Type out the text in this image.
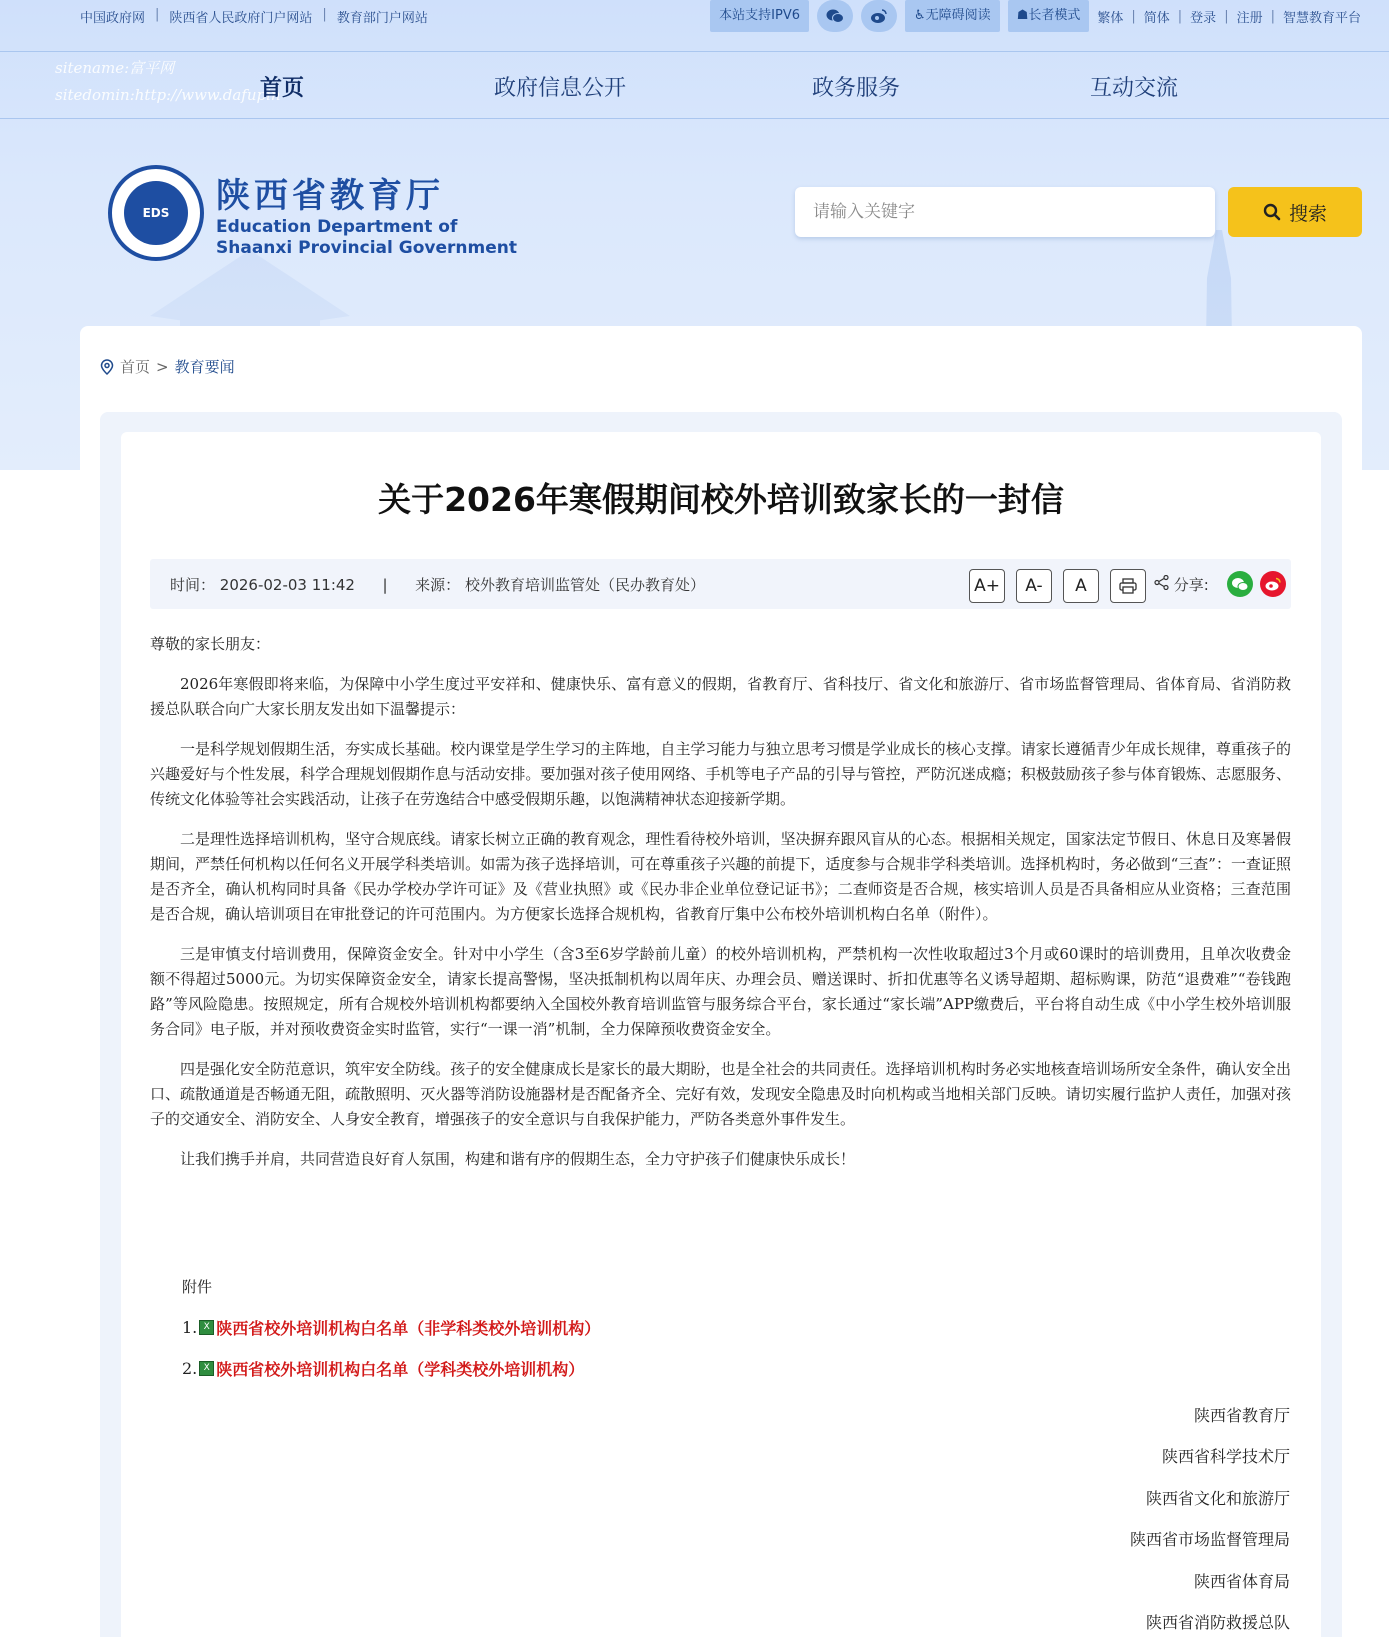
中国政府网 | 陕西省人民政府门户网站 | 教育部门户网站	本站支持IPV6	♿无障碍阅读	☗长者模式	繁体 | 简体 | 登录 | 注册 | 智慧教育平台
sitename:富平网
sitedomin:http://www.dafupin
首页	政府信息公开	政务服务	互动交流
EDS	陕西省教育厅
Education Department of
Shaanxi Provincial Government
请输入关键字
搜索
首页 > 教育要闻
关于2026年寒假期间校外培训致家长的一封信
时间： 2026-02-03 11:42 | 来源： 校外教育培训监管处（民办教育处）	A+	A-	A	分享:

尊敬的家长朋友：

2026年寒假即将来临，为保障中小学生度过平安祥和、健康快乐、富有意义的假期，省教育厅、省科技厅、省文化和旅游厅、省市场监督管理局、省体育局、省消防救援总队联合向广大家长朋友发出如下温馨提示：

一是科学规划假期生活，夯实成长基础。校内课堂是学生学习的主阵地，自主学习能力与独立思考习惯是学业成长的核心支撑。请家长遵循青少年成长规律，尊重孩子的兴趣爱好与个性发展，科学合理规划假期作息与活动安排。要加强对孩子使用网络、手机等电子产品的引导与管控，严防沉迷成瘾；积极鼓励孩子参与体育锻炼、志愿服务、传统文化体验等社会实践活动，让孩子在劳逸结合中感受假期乐趣，以饱满精神状态迎接新学期。

二是理性选择培训机构，坚守合规底线。请家长树立正确的教育观念，理性看待校外培训，坚决摒弃跟风盲从的心态。根据相关规定，国家法定节假日、休息日及寒暑假期间，严禁任何机构以任何名义开展学科类培训。如需为孩子选择培训，可在尊重孩子兴趣的前提下，适度参与合规非学科类培训。选择机构时，务必做到“三查”：一查证照是否齐全，确认机构同时具备《民办学校办学许可证》及《营业执照》或《民办非企业单位登记证书》；二查师资是否合规，核实培训人员是否具备相应从业资格；三查范围是否合规，确认培训项目在审批登记的许可范围内。为方便家长选择合规机构，省教育厅集中公布校外培训机构白名单（附件）。

三是审慎支付培训费用，保障资金安全。针对中小学生（含3至6岁学龄前儿童）的校外培训机构，严禁机构一次性收取超过3个月或60课时的培训费用，且单次收费金额不得超过5000元。为切实保障资金安全，请家长提高警惕，坚决抵制机构以周年庆、办理会员、赠送课时、折扣优惠等名义诱导超期、超标购课，防范“退费难”“卷钱跑路”等风险隐患。按照规定，所有合规校外培训机构都要纳入全国校外教育培训监管与服务综合平台，家长通过“家长端”APP缴费后，平台将自动生成《中小学生校外培训服务合同》电子版，并对预收费资金实时监管，实行“一课一消”机制，全力保障预收费资金安全。

四是强化安全防范意识，筑牢安全防线。孩子的安全健康成长是家长的最大期盼，也是全社会的共同责任。选择培训机构时务必实地核查培训场所安全条件，确认安全出口、疏散通道是否畅通无阻，疏散照明、灭火器等消防设施器材是否配备齐全、完好有效，发现安全隐患及时向机构或当地相关部门反映。请切实履行监护人责任，加强对孩子的交通安全、消防安全、人身安全教育，增强孩子的安全意识与自我保护能力，严防各类意外事件发生。

让我们携手并肩，共同营造良好育人氛围，构建和谐有序的假期生态，全力守护孩子们健康快乐成长！

附件
1. X 陕西省校外培训机构白名单（非学科类校外培训机构）
2. X 陕西省校外培训机构白名单（学科类校外培训机构）
陕西省教育厅
陕西省科学技术厅
陕西省文化和旅游厅
陕西省市场监督管理局
陕西省体育局
陕西省消防救援总队
